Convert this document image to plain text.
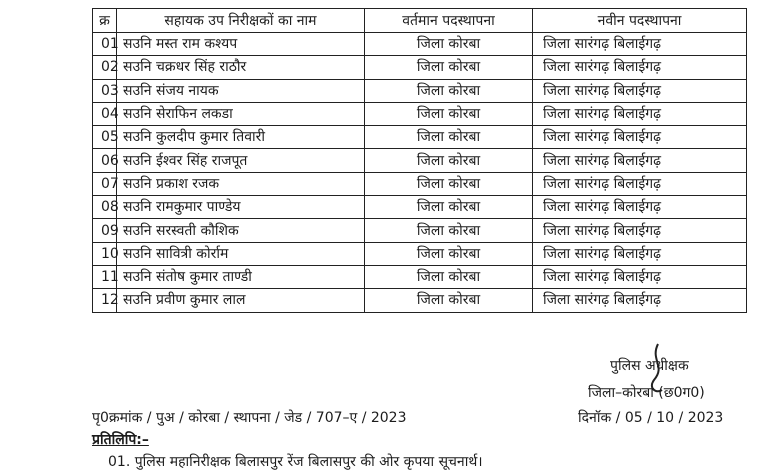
क्र	सहायक उप निरीक्षकों का नाम	वर्तमान पदस्थापना	नवीन पदस्थापना
01	सउनि मस्त राम कश्यप	जिला कोरबा	जिला सारंगढ़ बिलाईगढ़
02	सउनि चक्रधर सिंह राठौर	जिला कोरबा	जिला सारंगढ़ बिलाईगढ़
03	सउनि संजय नायक	जिला कोरबा	जिला सारंगढ़ बिलाईगढ़
04	सउनि सेराफिन लकडा	जिला कोरबा	जिला सारंगढ़ बिलाईगढ़
05	सउनि कुलदीप कुमार तिवारी	जिला कोरबा	जिला सारंगढ़ बिलाईगढ़
06	सउनि ईश्वर सिंह राजपूत	जिला कोरबा	जिला सारंगढ़ बिलाईगढ़
07	सउनि प्रकाश रजक	जिला कोरबा	जिला सारंगढ़ बिलाईगढ़
08	सउनि रामकुमार पाण्डेय	जिला कोरबा	जिला सारंगढ़ बिलाईगढ़
09	सउनि सरस्वती कौशिक	जिला कोरबा	जिला सारंगढ़ बिलाईगढ़
10	सउनि सावित्री कोर्राम	जिला कोरबा	जिला सारंगढ़ बिलाईगढ़
11	सउनि संतोष कुमार ताण्डी	जिला कोरबा	जिला सारंगढ़ बिलाईगढ़
12	सउनि प्रवीण कुमार लाल	जिला कोरबा	जिला सारंगढ़ बिलाईगढ़
पुलिस अधीक्षक
जिला–कोरबा (छ0ग0)
पृ0क्रमांक / पुअ / कोरबा / स्थापना / जेड / 707–ए / 2023	दिनॉक / 05 / 10 / 2023
प्रतिलिपि:–
01. पुलिस महानिरीक्षक बिलासपुर रेंज बिलासपुर की ओर कृपया सूचनार्थ।
